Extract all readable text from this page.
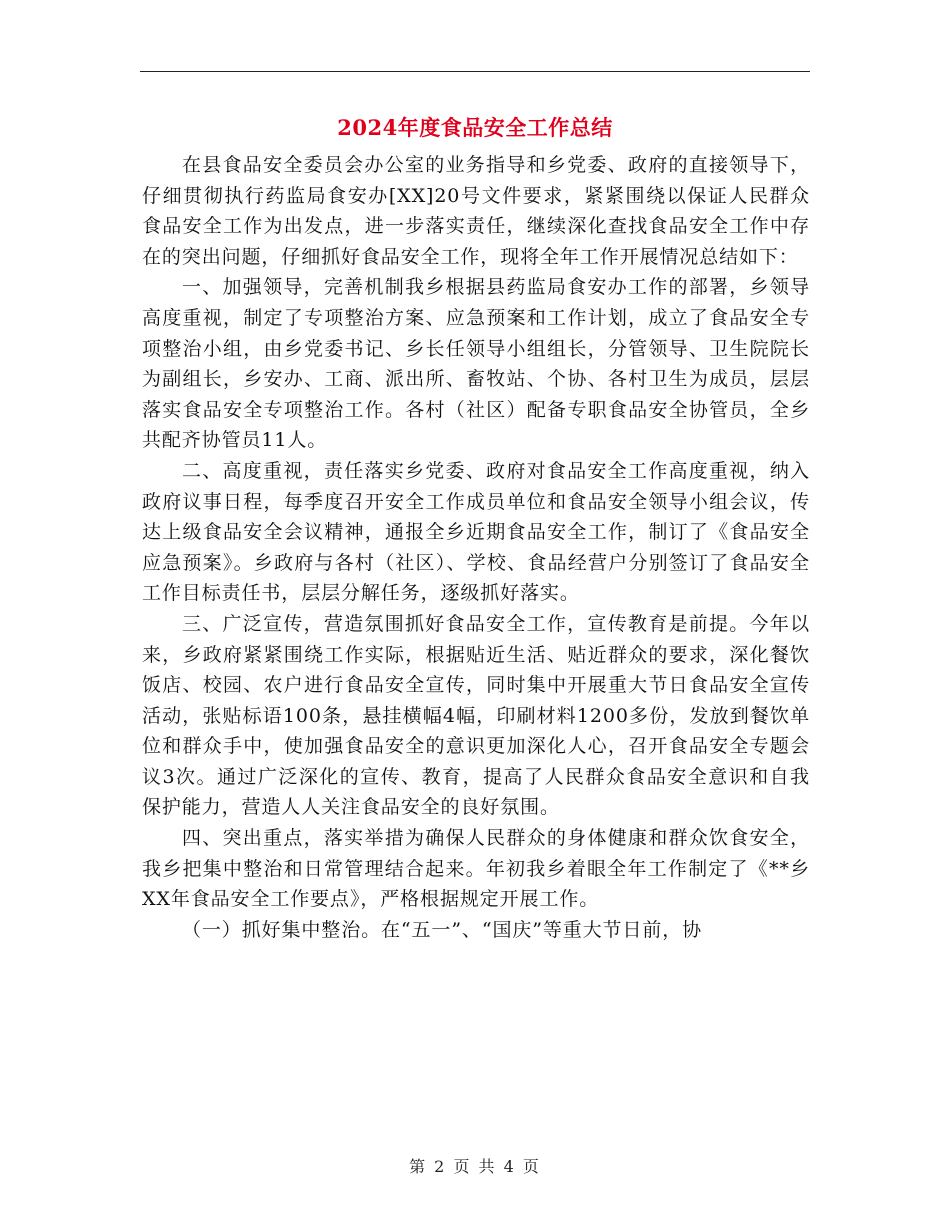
2024年度食品安全工作总结

在县食品安全委员会办公室的业务指导和乡党委、政府的直接领导下，仔细贯彻执行药监局食安办[XX]20号文件要求，紧紧围绕以保证人民群众食品安全工作为出发点，进一步落实责任，继续深化查找食品安全工作中存在的突出问题，仔细抓好食品安全工作，现将全年工作开展情况总结如下：

一、加强领导，完善机制我乡根据县药监局食安办工作的部署，乡领导高度重视，制定了专项整治方案、应急预案和工作计划，成立了食品安全专项整治小组，由乡党委书记、乡长任领导小组组长，分管领导、卫生院院长为副组长，乡安办、工商、派出所、畜牧站、个协、各村卫生为成员，层层落实食品安全专项整治工作。各村（社区）配备专职食品安全协管员，全乡共配齐协管员11人。

二、高度重视，责任落实乡党委、政府对食品安全工作高度重视，纳入政府议事日程，每季度召开安全工作成员单位和食品安全领导小组会议，传达上级食品安全会议精神，通报全乡近期食品安全工作，制订了《食品安全应急预案》。乡政府与各村（社区）、学校、食品经营户分别签订了食品安全工作目标责任书，层层分解任务，逐级抓好落实。

三、广泛宣传，营造氛围抓好食品安全工作，宣传教育是前提。今年以来，乡政府紧紧围绕工作实际，根据贴近生活、贴近群众的要求，深化餐饮饭店、校园、农户进行食品安全宣传，同时集中开展重大节日食品安全宣传活动，张贴标语100条，悬挂横幅4幅，印刷材料1200多份，发放到餐饮单位和群众手中，使加强食品安全的意识更加深化人心，召开食品安全专题会议3次。通过广泛深化的宣传、教育，提高了人民群众食品安全意识和自我保护能力，营造人人关注食品安全的良好氛围。

四、突出重点，落实举措为确保人民群众的身体健康和群众饮食安全，我乡把集中整治和日常管理结合起来。年初我乡着眼全年工作制定了《**乡XX年食品安全工作要点》，严格根据规定开展工作。

（一）抓好集中整治。在“五一”、“国庆”等重大节日前，协

第 2 页 共 4 页
